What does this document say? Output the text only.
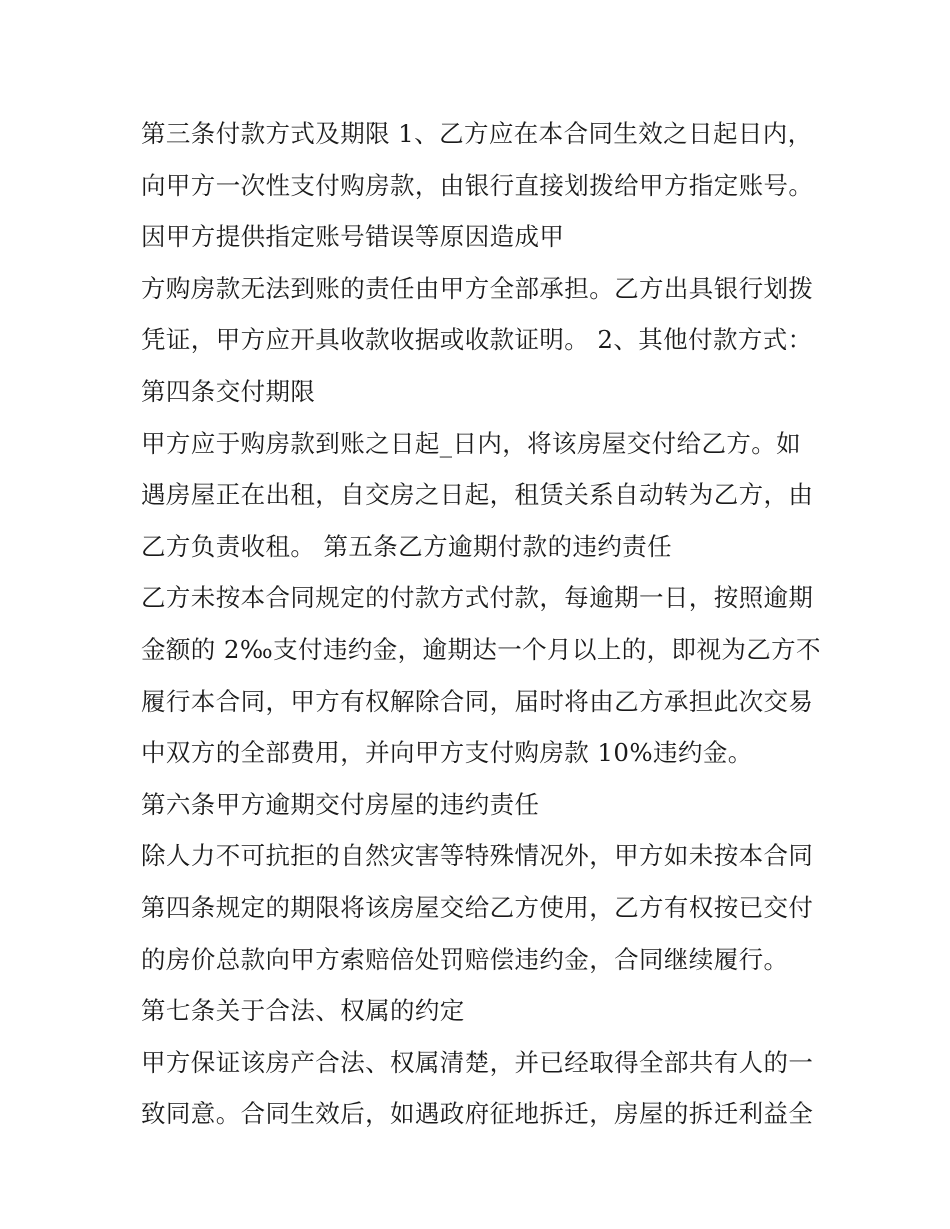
第三条付款方式及期限 1、乙方应在本合同生效之日起日内，
向甲方一次性支付购房款，由银行直接划拨给甲方指定账号。
因甲方提供指定账号错误等原因造成甲
方购房款无法到账的责任由甲方全部承担。乙方出具银行划拨
凭证，甲方应开具收款收据或收款证明。 2、其他付款方式：
第四条交付期限
甲方应于购房款到账之日起_日内，将该房屋交付给乙方。如
遇房屋正在出租，自交房之日起，租赁关系自动转为乙方，由
乙方负责收租。 第五条乙方逾期付款的违约责任
乙方未按本合同规定的付款方式付款，每逾期一日，按照逾期
金额的 2‰支付违约金，逾期达一个月以上的，即视为乙方不
履行本合同，甲方有权解除合同，届时将由乙方承担此次交易
中双方的全部费用，并向甲方支付购房款 10%违约金。
第六条甲方逾期交付房屋的违约责任
除人力不可抗拒的自然灾害等特殊情况外，甲方如未按本合同
第四条规定的期限将该房屋交给乙方使用，乙方有权按已交付
的房价总款向甲方索赔倍处罚赔偿违约金，合同继续履行。
第七条关于合法、权属的约定
甲方保证该房产合法、权属清楚，并已经取得全部共有人的一
致同意。合同生效后，如遇政府征地拆迁，房屋的拆迁利益全
